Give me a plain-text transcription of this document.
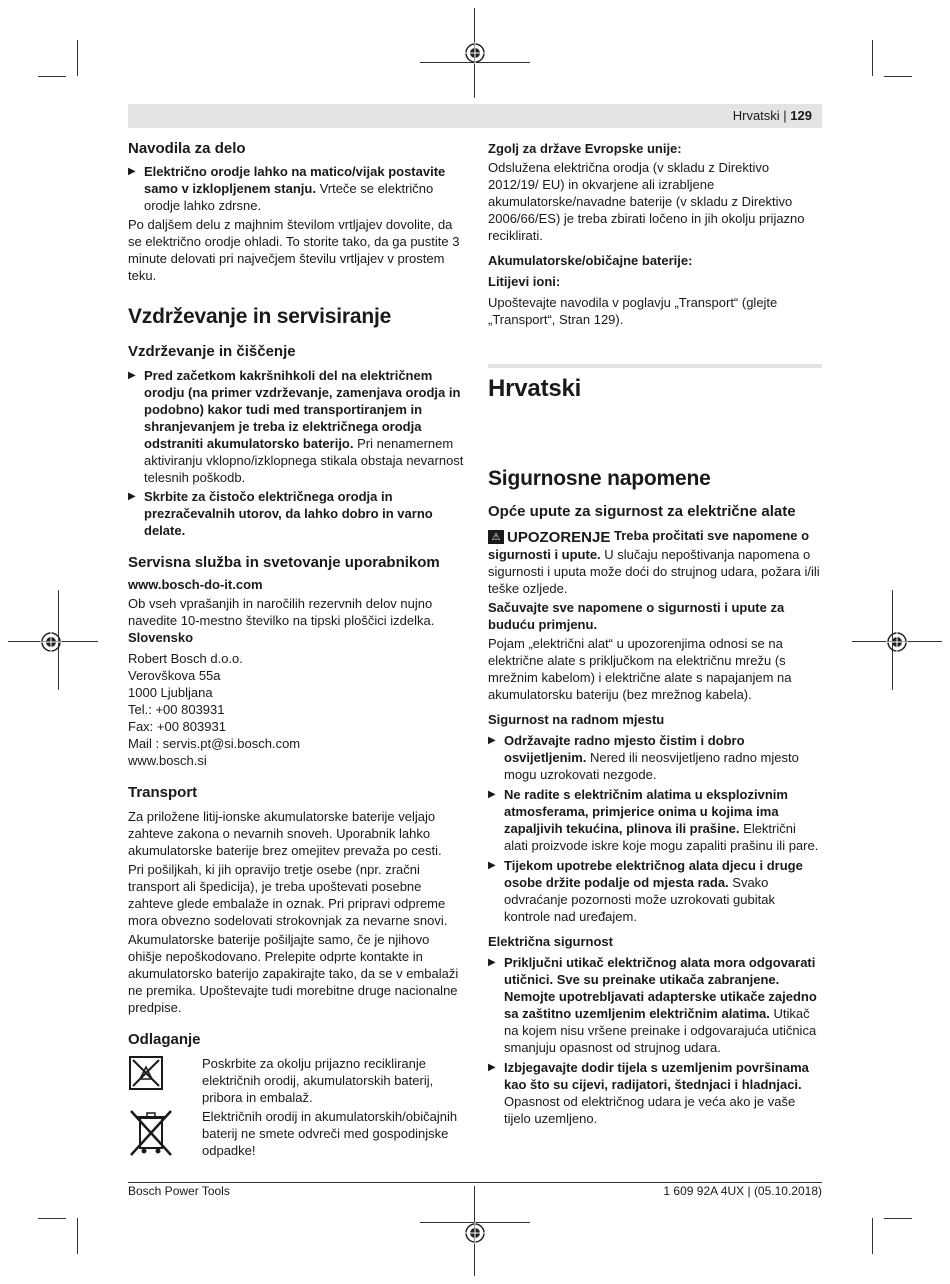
Hrvatski | 129

Navodila za delo

▶ Električno orodje lahko na matico/vijak postavite samo v izklopljenem stanju. Vrteče se električno orodje lahko zdrsne.

Po daljšem delu z majhnim številom vrtljajev dovolite, da se električno orodje ohladi. To storite tako, da ga pustite 3 minute delovati pri največjem številu vrtljajev v prostem teku.

Vzdrževanje in servisiranje

Vzdrževanje in čiščenje

▶ Pred začetkom kakršnihkoli del na električnem orodju (na primer vzdrževanje, zamenjava orodja in podobno) kakor tudi med transportiranjem in shranjevanjem je treba iz električnega orodja odstraniti akumulatorsko baterijo. Pri nenamernem aktiviranju vklopno/izklopnega stikala obstaja nevarnost telesnih poškodb.
▶ Skrbite za čistočo električnega orodja in prezračevalnih utorov, da lahko dobro in varno delate.

Servisna služba in svetovanje uporabnikom

www.bosch-do-it.com

Ob vseh vprašanjih in naročilih rezervnih delov nujno navedite 10-mestno številko na tipski ploščici izdelka.

Slovensko

Robert Bosch d.o.o.
Verovškova 55a
1000 Ljubljana
Tel.: +00 803931
Fax: +00 803931
Mail : servis.pt@si.bosch.com
www.bosch.si

Transport

Za priložene litij-ionske akumulatorske baterije veljajo zahteve zakona o nevarnih snoveh. Uporabnik lahko akumulatorske baterije brez omejitev prevaža po cesti.

Pri pošiljkah, ki jih opravijo tretje osebe (npr. zračni transport ali špedicija), je treba upoštevati posebne zahteve glede embalaže in oznak. Pri pripravi odpreme mora obvezno sodelovati strokovnjak za nevarne snovi.

Akumulatorske baterije pošiljajte samo, če je njihovo ohišje nepoškodovano. Prelepite odprte kontakte in akumulatorsko baterijo zapakirajte tako, da se v embalaži ne premika. Upoštevajte tudi morebitne druge nacionalne predpise.

Odlaganje

Poskrbite za okolju prijazno recikliranje električnih orodij, akumulatorskih baterij, pribora in embalaž.

Električnih orodij in akumulatorskih/običajnih baterij ne smete odvreči med gospodinjske odpadke!

Zgolj za države Evropske unije:

Odslužena električna orodja (v skladu z Direktivo 2012/19/ EU) in okvarjene ali izrabljene akumulatorske/navadne baterije (v skladu z Direktivo 2006/66/ES) je treba zbirati ločeno in jih okolju prijazno reciklirati.

Akumulatorske/običajne baterije:

Litijevi ioni:

Upoštevajte navodila v poglavju „Transport“ (glejte „Transport“, Stran 129).

Hrvatski

Sigurnosne napomene

Opće upute za sigurnost za električne alate

⚠ UPOZORENJE Treba pročitati sve napomene o sigurnosti i upute. U slučaju nepoštivanja napomena o sigurnosti i uputa može doći do strujnog udara, požara i/ili teške ozljede.

Sačuvajte sve napomene o sigurnosti i upute za buduću primjenu.

Pojam „električni alat“ u upozorenjima odnosi se na električne alate s priključkom na električnu mrežu (s mrežnim kabelom) i električne alate s napajanjem na akumulatorsku bateriju (bez mrežnog kabela).

Sigurnost na radnom mjestu

▶ Održavajte radno mjesto čistim i dobro osvijetljenim. Nered ili neosvijetljeno radno mjesto mogu uzrokovati nezgode.
▶ Ne radite s električnim alatima u eksplozivnim atmosferama, primjerice onima u kojima ima zapaljivih tekućina, plinova ili prašine. Električni alati proizvode iskre koje mogu zapaliti prašinu ili pare.
▶ Tijekom upotrebe električnog alata djecu i druge osobe držite podalje od mjesta rada. Svako odvraćanje pozornosti može uzrokovati gubitak kontrole nad uređajem.

Električna sigurnost

▶ Priključni utikač električnog alata mora odgovarati utičnici. Sve su preinake utikača zabranjene. Nemojte upotrebljavati adapterske utikače zajedno sa zaštitno uzemljenim električnim alatima. Utikač na kojem nisu vršene preinake i odgovarajuća utičnica smanjuju opasnost od strujnog udara.
▶ Izbjegavajte dodir tijela s uzemljenim površinama kao što su cijevi, radijatori, štednjaci i hladnjaci. Opasnost od električnog udara je veća ako je vaše tijelo uzemljeno.
Bosch Power Tools	1 609 92A 4UX | (05.10.2018)
